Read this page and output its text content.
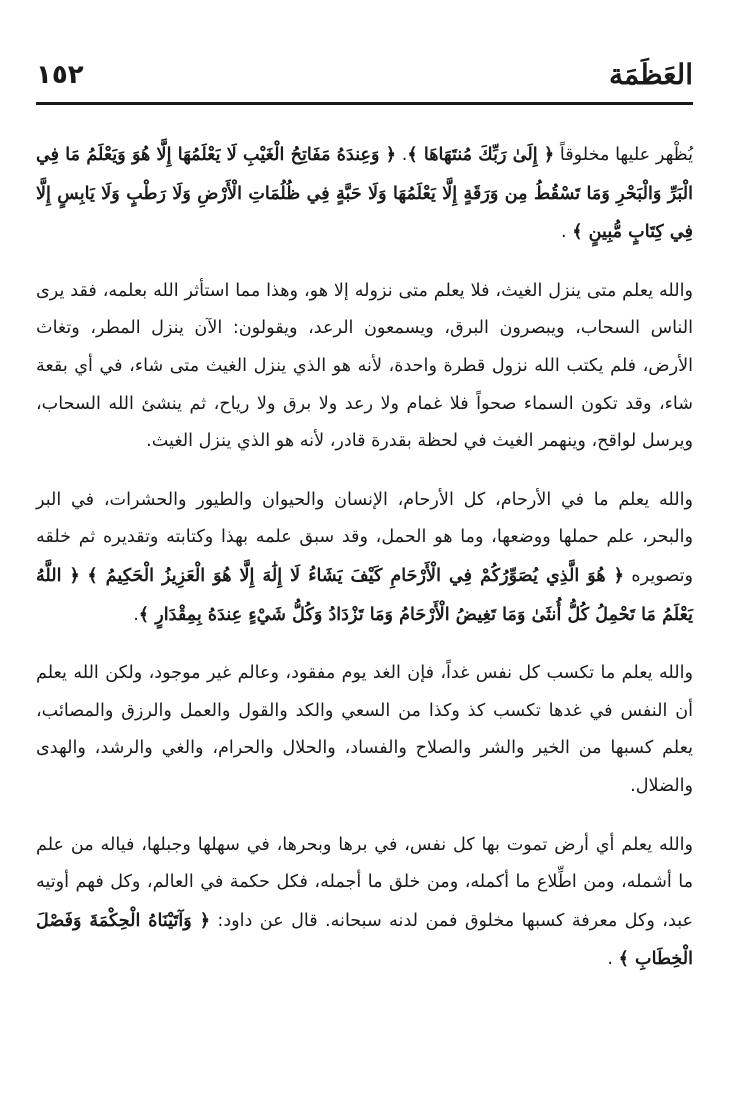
١٥٢	العَظَمَة

يُظْهر عليها مخلوقاً ﴿ إِلَىٰ رَبِّكَ مُنتَهَاهَا ﴾. ﴿ وَعِندَهُ مَفَاتِحُ الْغَيْبِ لَا يَعْلَمُهَا إِلَّا هُوَ وَيَعْلَمُ مَا فِي الْبَرِّ وَالْبَحْرِ وَمَا تَسْقُطُ مِن وَرَقَةٍ إِلَّا يَعْلَمُهَا وَلَا حَبَّةٍ فِي ظُلُمَاتِ الْأَرْضِ وَلَا رَطْبٍ وَلَا يَابِسٍ إِلَّا فِي كِتَابٍ مُّبِينٍ ﴾ .

والله يعلم متى ينزل الغيث، فلا يعلم متى نزوله إلا هو، وهذا مما استأثر الله بعلمه، فقد يرى الناس السحاب، ويبصرون البرق، ويسمعون الرعد، ويقولون: الآن ينزل المطر، وتغاث الأرض، فلم يكتب الله نزول قطرة واحدة، لأنه هو الذي ينزل الغيث متى شاء، في أي بقعة شاء، وقد تكون السماء صحواً فلا غمام ولا رعد ولا برق ولا رياح، ثم ينشئ الله السحاب، ويرسل لواقح، وينهمر الغيث في لحظة بقدرة قادر، لأنه هو الذي ينزل الغيث.

والله يعلم ما في الأرحام، كل الأرحام، الإنسان والحيوان والطيور والحشرات، في البر والبحر، علم حملها ووضعها، وما هو الحمل، وقد سبق علمه بهذا وكتابته وتقديره ثم خلقه وتصويره ﴿ هُوَ الَّذِي يُصَوِّرُكُمْ فِي الْأَرْحَامِ كَيْفَ يَشَاءُ لَا إِلَٰهَ إِلَّا هُوَ الْعَزِيزُ الْحَكِيمُ ﴾ ﴿ اللَّهُ يَعْلَمُ مَا تَحْمِلُ كُلُّ أُنثَىٰ وَمَا تَغِيضُ الْأَرْحَامُ وَمَا تَزْدَادُ وَكُلُّ شَيْءٍ عِندَهُ بِمِقْدَارٍ ﴾.

والله يعلم ما تكسب كل نفس غداً، فإن الغد يوم مفقود، وعالم غير موجود، ولكن الله يعلم أن النفس في غدها تكسب كذ وكذا من السعي والكد والقول والعمل والرزق والمصائب، يعلم كسبها من الخير والشر والصلاح والفساد، والحلال والحرام، والغي والرشد، والهدى والضلال.

والله يعلم أي أرض تموت بها كل نفس، في برها وبحرها، في سهلها وجبلها، فياله من علم ما أشمله، ومن اطِّلاع ما أكمله، ومن خلق ما أجمله، فكل حكمة في العالم، وكل فهم أوتيه عبد، وكل معرفة كسبها مخلوق فمن لدنه سبحانه. قال عن داود: ﴿ وَآتَيْنَاهُ الْحِكْمَةَ وَفَصْلَ الْخِطَابِ ﴾ .
